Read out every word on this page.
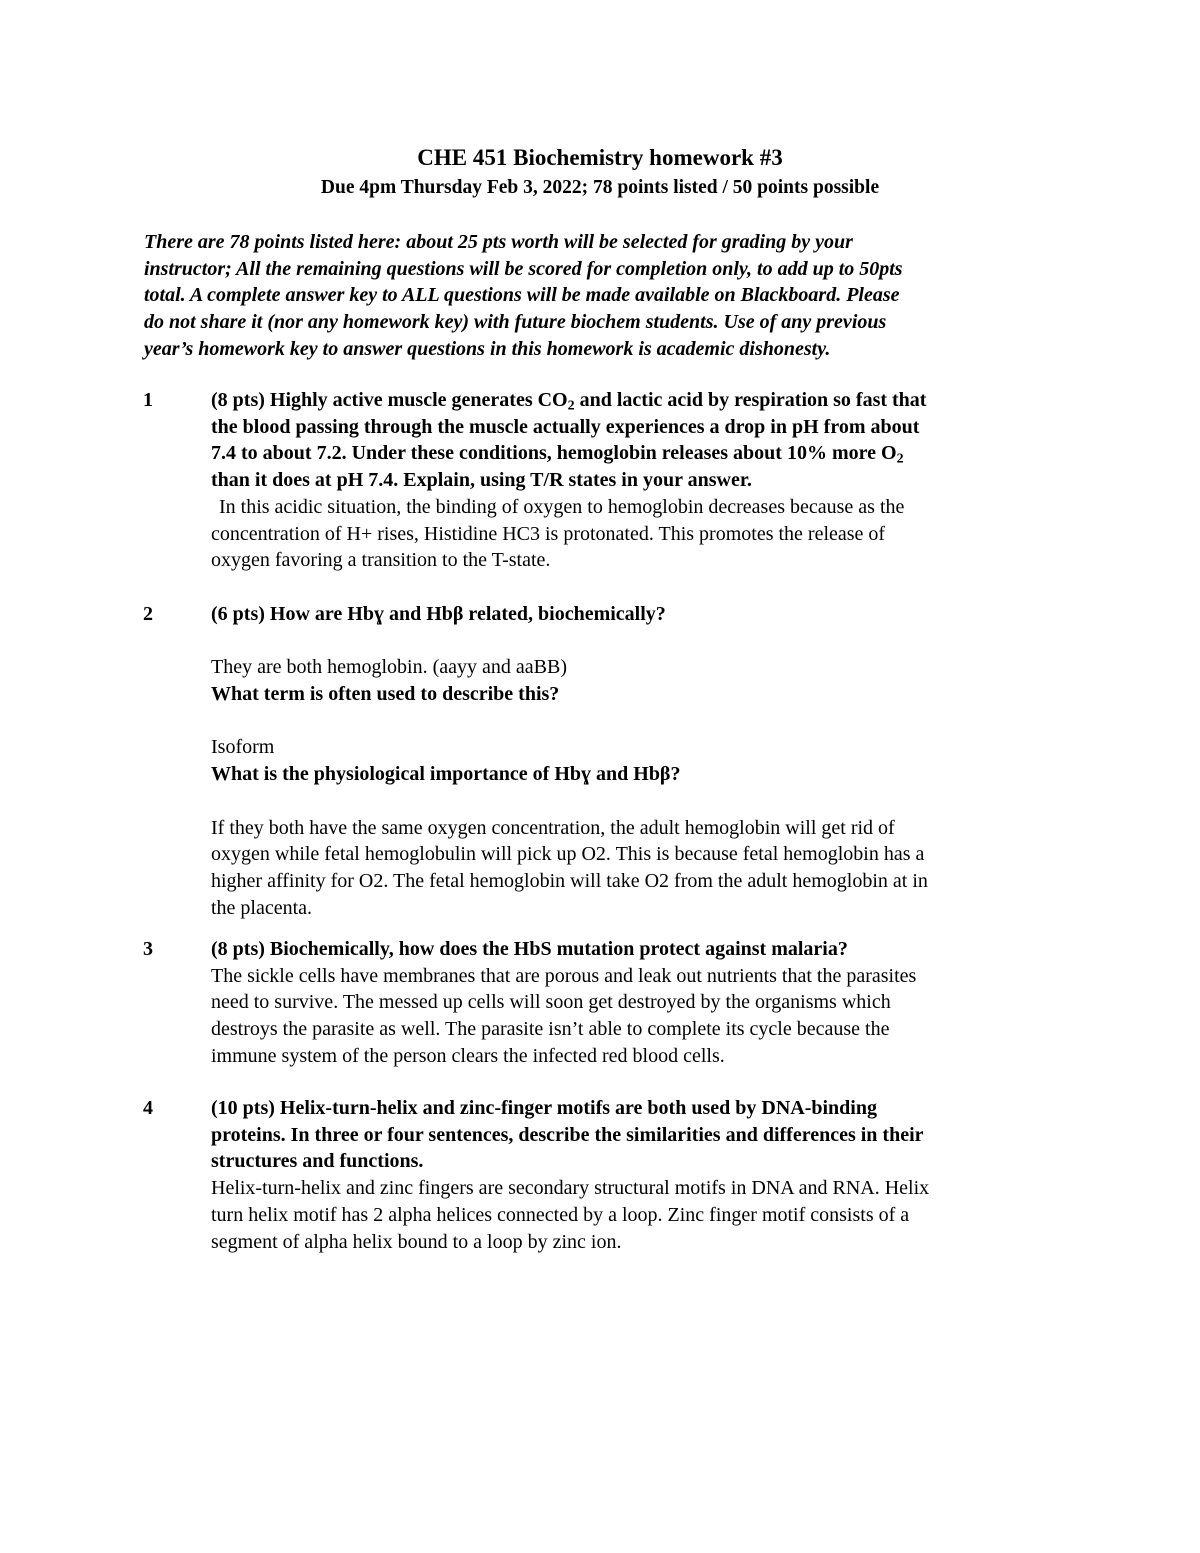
CHE 451 Biochemistry homework #3
Due 4pm Thursday Feb 3, 2022; 78 points listed / 50 points possible
There are 78 points listed here: about 25 pts worth will be selected for grading by your
instructor; All the remaining questions will be scored for completion only, to add up to 50pts
total. A complete answer key to ALL questions will be made available on Blackboard. Please
do not share it (nor any homework key) with future biochem students. Use of any previous
year’s homework key to answer questions in this homework is academic dishonesty.
1	(8 pts) Highly active muscle generates $CO_2$ and lactic acid by respiration so fast that
the blood passing through the muscle actually experiences a drop in pH from about
7.4 to about 7.2. Under these conditions, hemoglobin releases about 10% more $O_2$
than it does at pH 7.4. Explain, using T/R states in your answer.
In this acidic situation, the binding of oxygen to hemoglobin decreases because as the
concentration of H+ rises, Histidine HC3 is protonated. This promotes the release of
oxygen favoring a transition to the T-state.
2	(6 pts) How are Hbɣ and Hbβ related, biochemically?
They are both hemoglobin. (aayy and aaBB)
What term is often used to describe this?
Isoform
What is the physiological importance of Hbɣ and Hbβ?
If they both have the same oxygen concentration, the adult hemoglobin will get rid of
oxygen while fetal hemoglobulin will pick up O2. This is because fetal hemoglobin has a
higher affinity for O2. The fetal hemoglobin will take O2 from the adult hemoglobin at in
the placenta.
3	(8 pts) Biochemically, how does the HbS mutation protect against malaria?
The sickle cells have membranes that are porous and leak out nutrients that the parasites
need to survive. The messed up cells will soon get destroyed by the organisms which
destroys the parasite as well. The parasite isn’t able to complete its cycle because the
immune system of the person clears the infected red blood cells.
4	(10 pts) Helix-turn-helix and zinc-finger motifs are both used by DNA-binding
proteins. In three or four sentences, describe the similarities and differences in their
structures and functions.
Helix-turn-helix and zinc fingers are secondary structural motifs in DNA and RNA. Helix
turn helix motif has 2 alpha helices connected by a loop. Zinc finger motif consists of a
segment of alpha helix bound to a loop by zinc ion.
